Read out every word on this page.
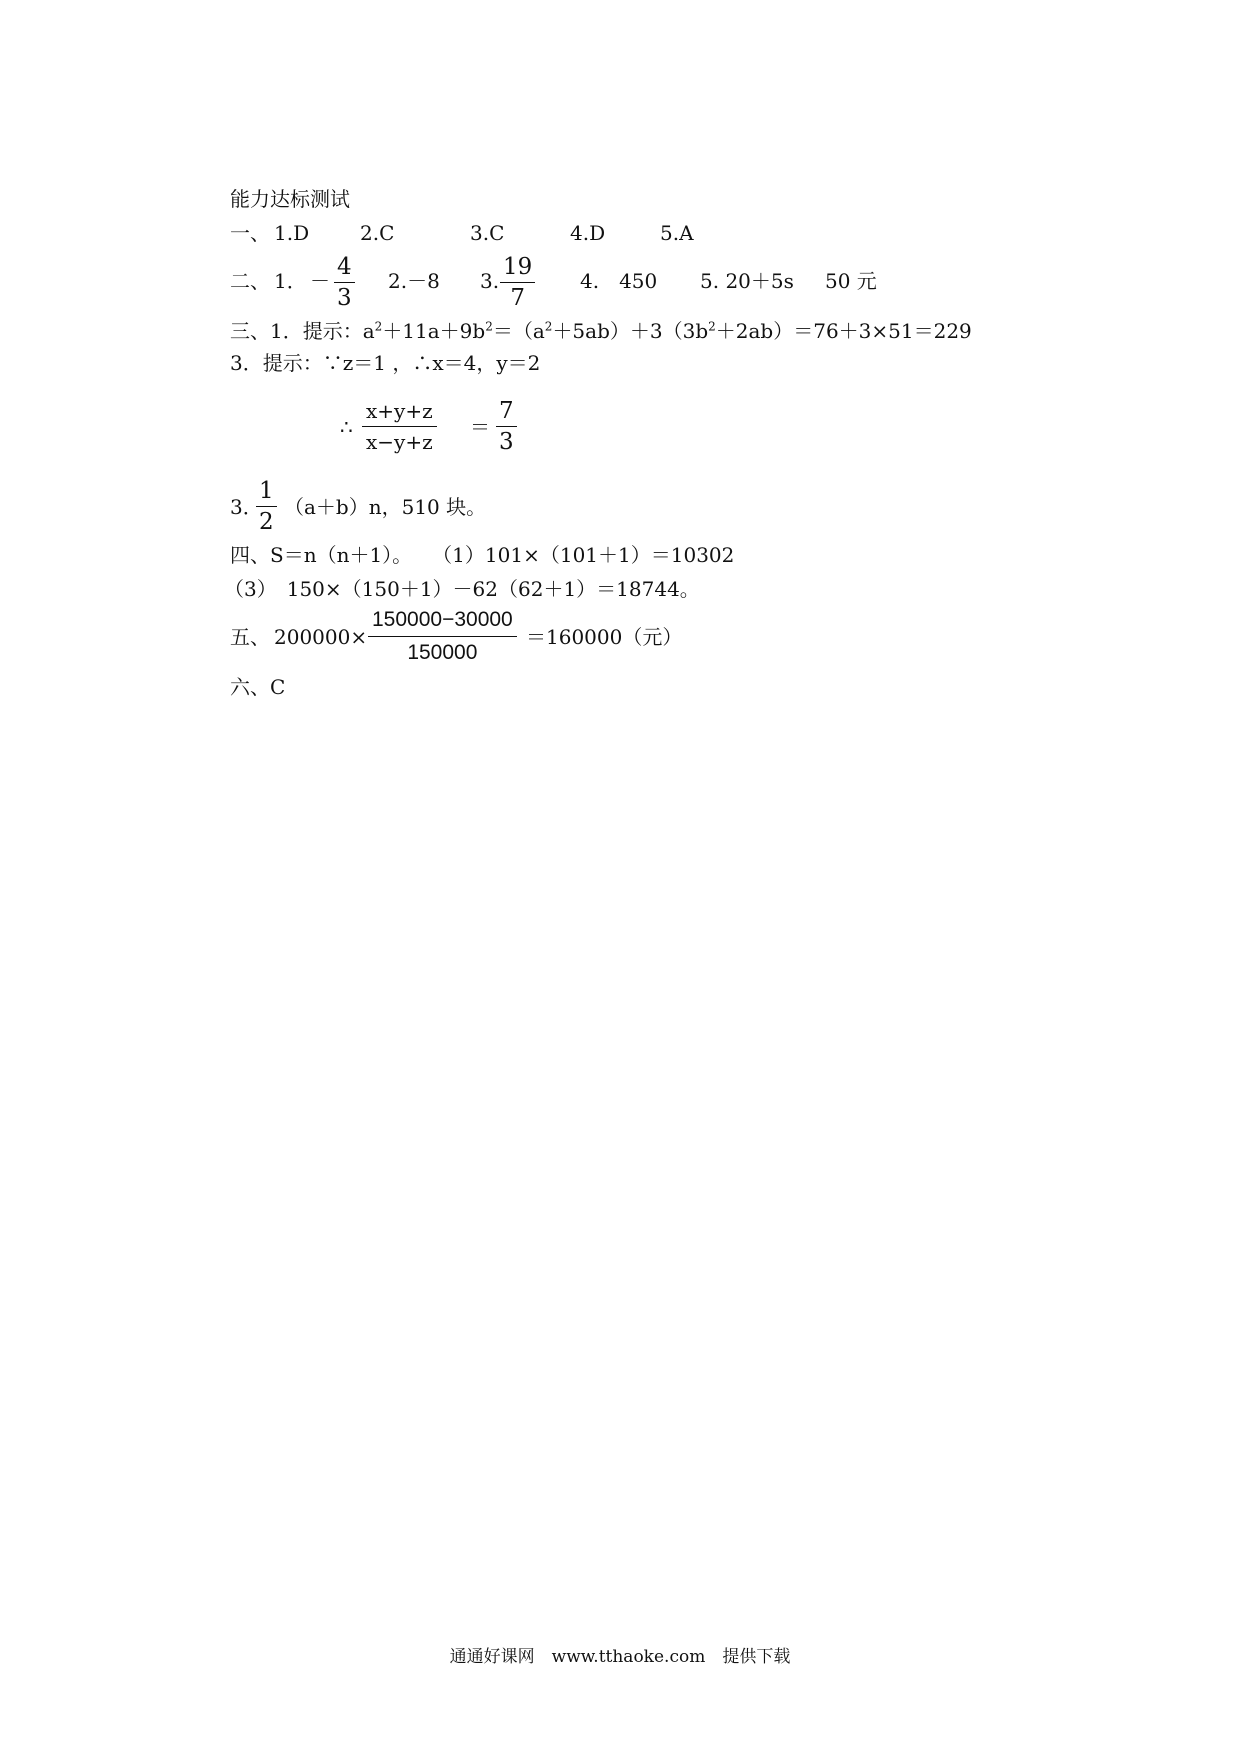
能力达标测试
一、 1.D	2.C	3.C	4.D	5.A
二、 1． － $\frac{4}{3} 2.-8$ 3. $\frac{19}{7} 4$.　450 5. 20＋5s 50 元
三、1．提示：$a^2+11a+9b^2=(a^2+5ab)+3(3b^2+2ab)=76+3\times 51=229$
3．提示：∵z＝1 ，∴x＝4，y＝2
∴ $\frac{x+y+z}{x-y+z} = \frac{7}{3}$
3．
$\frac{1}{2} (a+b)n$，510 块。
四、S＝n（n＋1）。　　（1）101×（101＋1）＝10302
（3）　150×（150＋1）－62（62＋1）＝18744。
五、 $200000\times \frac{150000-30000}{150000} =160000$（元）
六、C
通通好课网　www.tthaoke.com　提供下载
